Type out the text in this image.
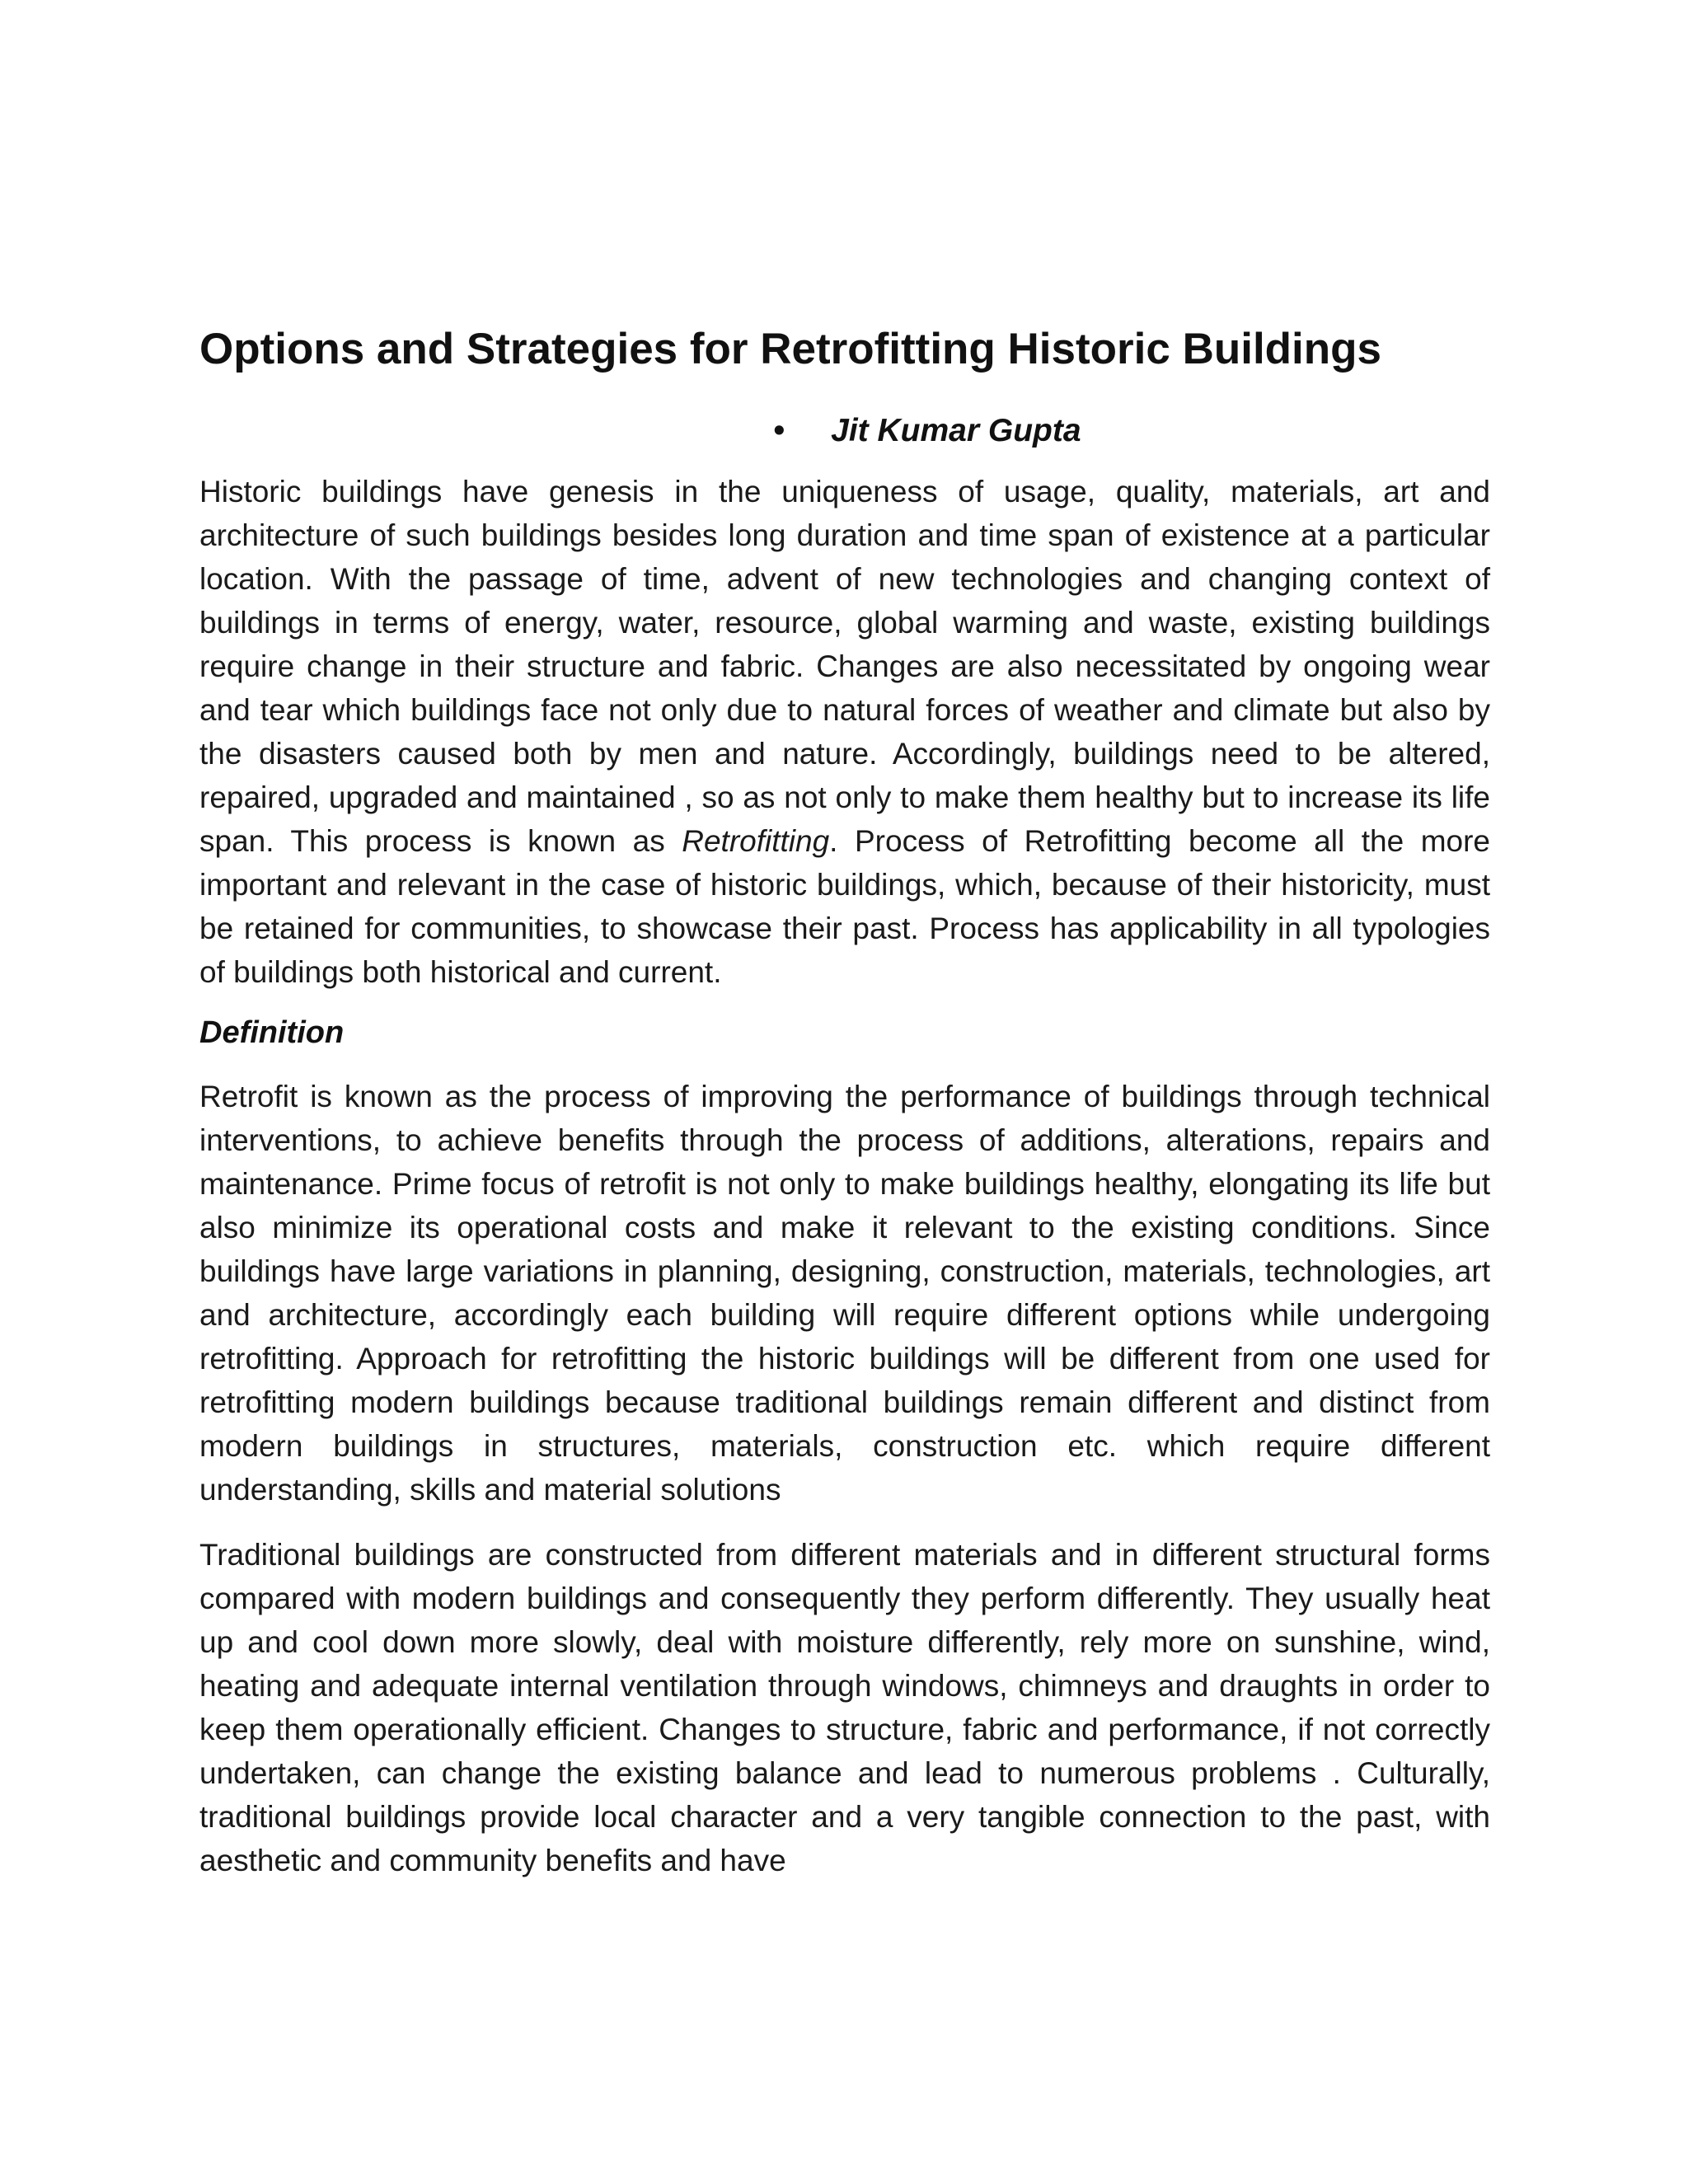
Options and Strategies for Retrofitting Historic Buildings
• Jit Kumar Gupta

Historic buildings have genesis in the uniqueness of usage, quality, materials, art and architecture of such buildings besides long duration and time span of existence at a particular location. With the passage of time, advent of new technologies and changing context of buildings in terms of energy, water, resource, global warming and waste, existing buildings require change in their structure and fabric. Changes are also necessitated by ongoing wear and tear which buildings face not only due to natural forces of weather and climate but also by the disasters caused both by men and nature. Accordingly, buildings need to be altered, repaired, upgraded and maintained , so as not only to make them healthy but to increase its life span. This process is known as Retrofitting. Process of Retrofitting become all the more important and relevant in the case of historic buildings, which, because of their historicity, must be retained for communities, to showcase their past. Process has applicability in all typologies of buildings both historical and current.

Definition

Retrofit is known as the process of improving the performance of buildings through technical interventions, to achieve benefits through the process of additions, alterations, repairs and maintenance. Prime focus of retrofit is not only to make buildings healthy, elongating its life but also minimize its operational costs and make it relevant to the existing conditions. Since buildings have large variations in planning, designing, construction, materials, technologies, art and architecture, accordingly each building will require different options while undergoing retrofitting. Approach for retrofitting the historic buildings will be different from one used for retrofitting modern buildings because traditional buildings remain different and distinct from modern buildings in structures, materials, construction etc. which require different understanding, skills and material solutions

Traditional buildings are constructed from different materials and in different structural forms compared with modern buildings and consequently they perform differently. They usually heat up and cool down more slowly, deal with moisture differently, rely more on sunshine, wind, heating and adequate internal ventilation through windows, chimneys and draughts in order to keep them operationally efficient. Changes to structure, fabric and performance, if not correctly undertaken, can change the existing balance and lead to numerous problems . Culturally, traditional buildings provide local character and a very tangible connection to the past, with aesthetic and community benefits and have
